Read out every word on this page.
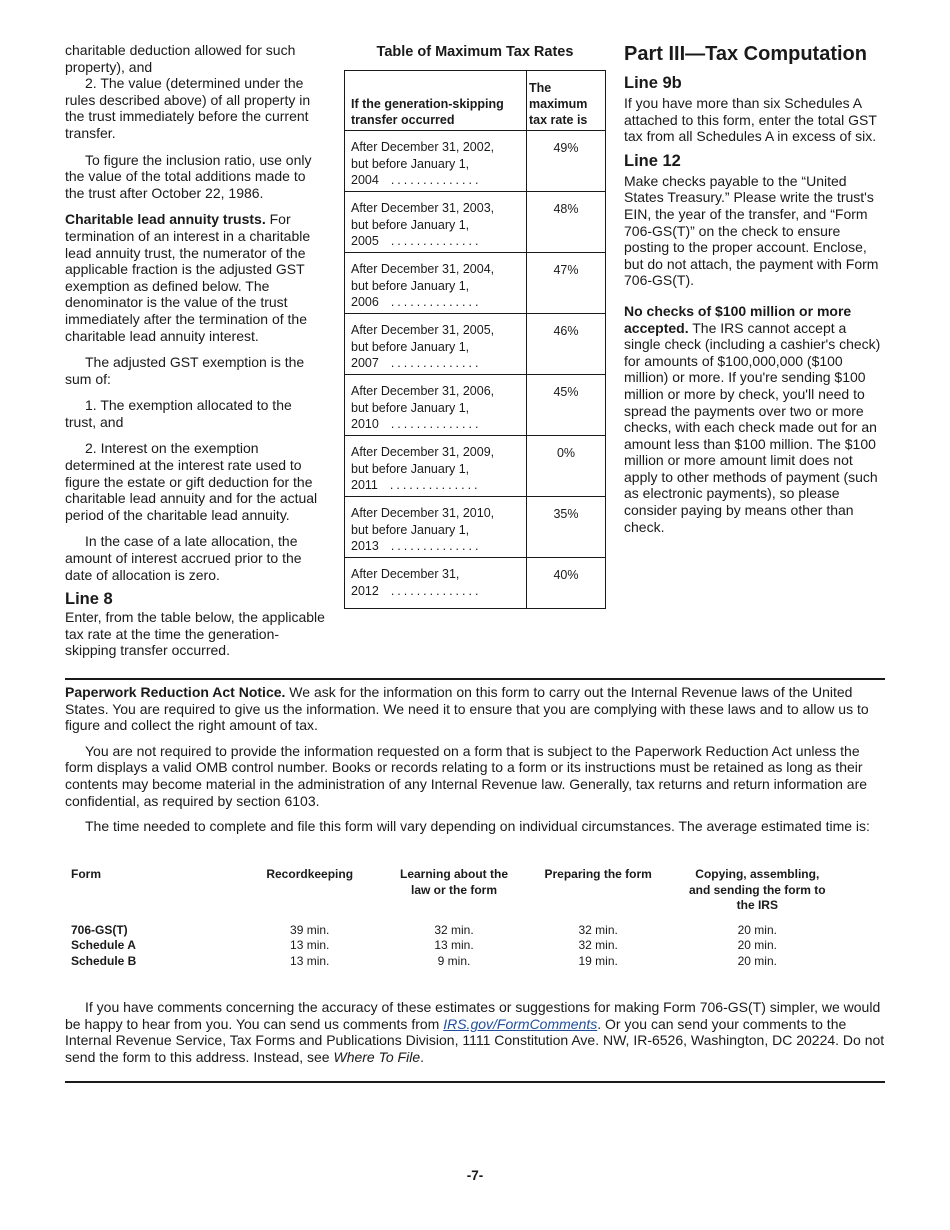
charitable deduction allowed for such property), and

2. The value (determined under the rules described above) of all property in the trust immediately before the current transfer.

To figure the inclusion ratio, use only the value of the total additions made to the trust after October 22, 1986.

Charitable lead annuity trusts. For termination of an interest in a charitable lead annuity trust, the numerator of the applicable fraction is the adjusted GST exemption as defined below. The denominator is the value of the trust immediately after the termination of the charitable lead annuity interest.

The adjusted GST exemption is the sum of:

1. The exemption allocated to the trust, and

2. Interest on the exemption determined at the interest rate used to figure the estate or gift deduction for the charitable lead annuity and for the actual period of the charitable lead annuity.

In the case of a late allocation, the amount of interest accrued prior to the date of allocation is zero.

Line 8

Enter, from the table below, the applicable tax rate at the time the generation-skipping transfer occurred.

Table of Maximum Tax Rates
If the generation-skipping transfer occurred	The maximum tax rate is
After December 31, 2002,
but before January 1,
2004 ..............	49%
After December 31, 2003,
but before January 1,
2005 ..............	48%
After December 31, 2004,
but before January 1,
2006 ..............	47%
After December 31, 2005,
but before January 1,
2007 ..............	46%
After December 31, 2006,
but before January 1,
2010 ..............	45%
After December 31, 2009,
but before January 1,
2011 ..............	0%
After December 31, 2010,
but before January 1,
2013 ..............	35%
After December 31,
2012 ..............	40%
Part III—Tax Computation
Line 9b

If you have more than six Schedules A attached to this form, enter the total GST tax from all Schedules A in excess of six.

Line 12

Make checks payable to the “United States Treasury.” Please write the trust's EIN, the year of the transfer, and “Form 706-GS(T)” on the check to ensure posting to the proper account. Enclose, but do not attach, the payment with Form 706-GS(T).

No checks of $100 million or more accepted. The IRS cannot accept a single check (including a cashier's check) for amounts of $100,000,000 ($100 million) or more. If you're sending $100 million or more by check, you'll need to spread the payments over two or more checks, with each check made out for an amount less than $100 million. The $100 million or more amount limit does not apply to other methods of payment (such as electronic payments), so please consider paying by means other than check.

Paperwork Reduction Act Notice. We ask for the information on this form to carry out the Internal Revenue laws of the United States. You are required to give us the information. We need it to ensure that you are complying with these laws and to allow us to figure and collect the right amount of tax.

You are not required to provide the information requested on a form that is subject to the Paperwork Reduction Act unless the form displays a valid OMB control number. Books or records relating to a form or its instructions must be retained as long as their contents may become material in the administration of any Internal Revenue law. Generally, tax returns and return information are confidential, as required by section 6103.

The time needed to complete and file this form will vary depending on individual circumstances. The average estimated time is:

Form	Recordkeeping	Learning about the law or the form	Preparing the form	Copying, assembling, and sending the form to the IRS
706-GS(T)	39 min.	32 min.	32 min.	20 min.
Schedule A	13 min.	13 min.	32 min.	20 min.
Schedule B	13 min.	9 min.	19 min.	20 min.

If you have comments concerning the accuracy of these estimates or suggestions for making Form 706-GS(T) simpler, we would be happy to hear from you. You can send us comments from IRS.gov/FormComments. Or you can send your comments to the Internal Revenue Service, Tax Forms and Publications Division, 1111 Constitution Ave. NW, IR-6526, Washington, DC 20224. Do not send the form to this address. Instead, see Where To File.

-7-
